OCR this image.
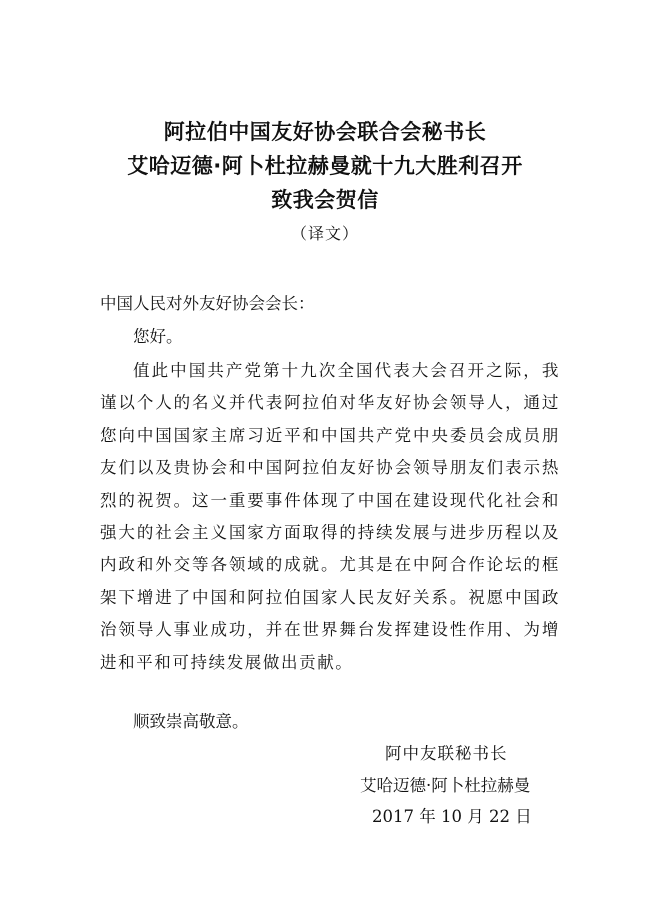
阿拉伯中国友好协会联合会秘书长
艾哈迈德·阿卜杜拉赫曼就十九大胜利召开
致我会贺信
（译文）
中国人民对外友好协会会长：
您好。
值此中国共产党第十九次全国代表大会召开之际，我谨以个人的名义并代表阿拉伯对华友好协会领导人，通过您向中国国家主席习近平和中国共产党中央委员会成员朋友们以及贵协会和中国阿拉伯友好协会领导朋友们表示热烈的祝贺。这一重要事件体现了中国在建设现代化社会和强大的社会主义国家方面取得的持续发展与进步历程以及内政和外交等各领域的成就。尤其是在中阿合作论坛的框架下增进了中国和阿拉伯国家人民友好关系。祝愿中国政治领导人事业成功，并在世界舞台发挥建设性作用、为增进和平和可持续发展做出贡献。
顺致崇高敬意。
阿中友联秘书长
艾哈迈德·阿卜杜拉赫曼
2017 年 10 月 22 日
